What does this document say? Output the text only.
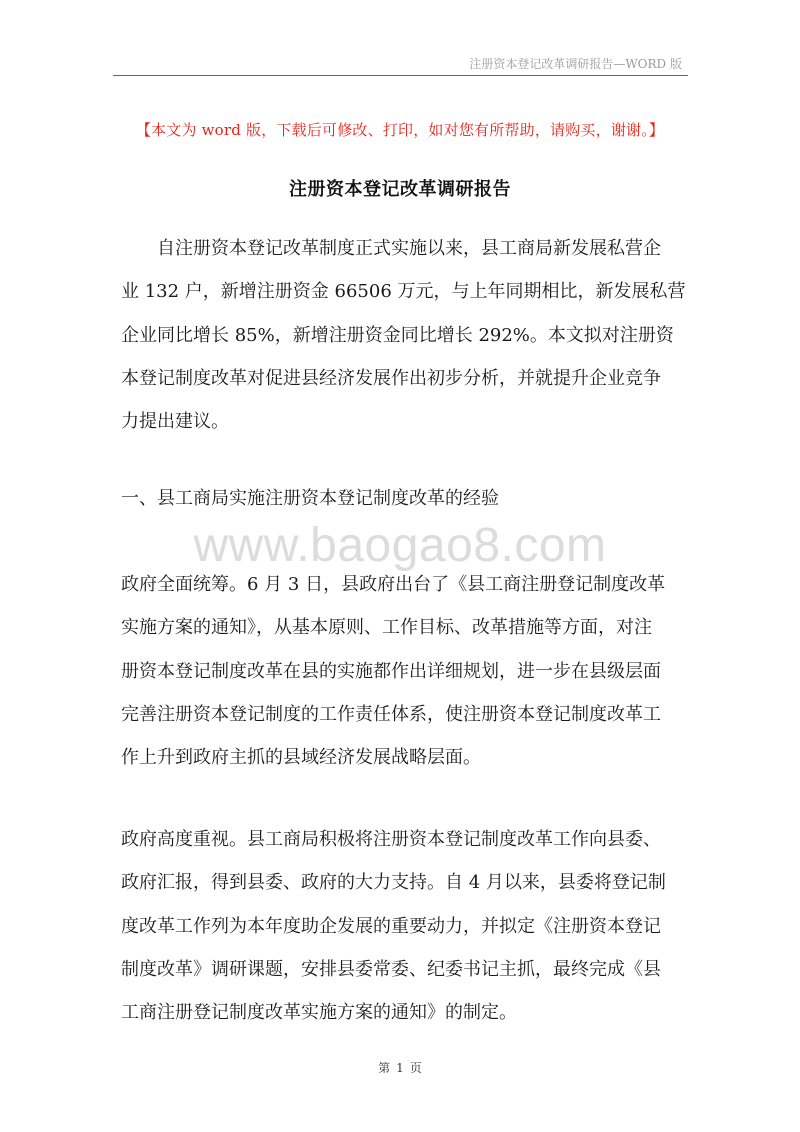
注册资本登记改革调研报告—WORD 版
【本文为 word 版，下载后可修改、打印，如对您有所帮助，请购买，谢谢。】
注册资本登记改革调研报告
　　自注册资本登记改革制度正式实施以来，县工商局新发展私营企
业 132 户，新增注册资金 66506 万元，与上年同期相比，新发展私营
企业同比增长 85%，新增注册资金同比增长 292%。本文拟对注册资
本登记制度改革对促进县经济发展作出初步分析，并就提升企业竞争
力提出建议。
一、县工商局实施注册资本登记制度改革的经验
www.baogao8.com
政府全面统筹。6 月 3 日，县政府出台了《县工商注册登记制度改革
实施方案的通知》，从基本原则、工作目标、改革措施等方面，对注
册资本登记制度改革在县的实施都作出详细规划，进一步在县级层面
完善注册资本登记制度的工作责任体系，使注册资本登记制度改革工
作上升到政府主抓的县域经济发展战略层面。
政府高度重视。县工商局积极将注册资本登记制度改革工作向县委、
政府汇报，得到县委、政府的大力支持。自 4 月以来，县委将登记制
度改革工作列为本年度助企发展的重要动力，并拟定《注册资本登记
制度改革》调研课题，安排县委常委、纪委书记主抓，最终完成《县
工商注册登记制度改革实施方案的通知》的制定。
第 1 页
